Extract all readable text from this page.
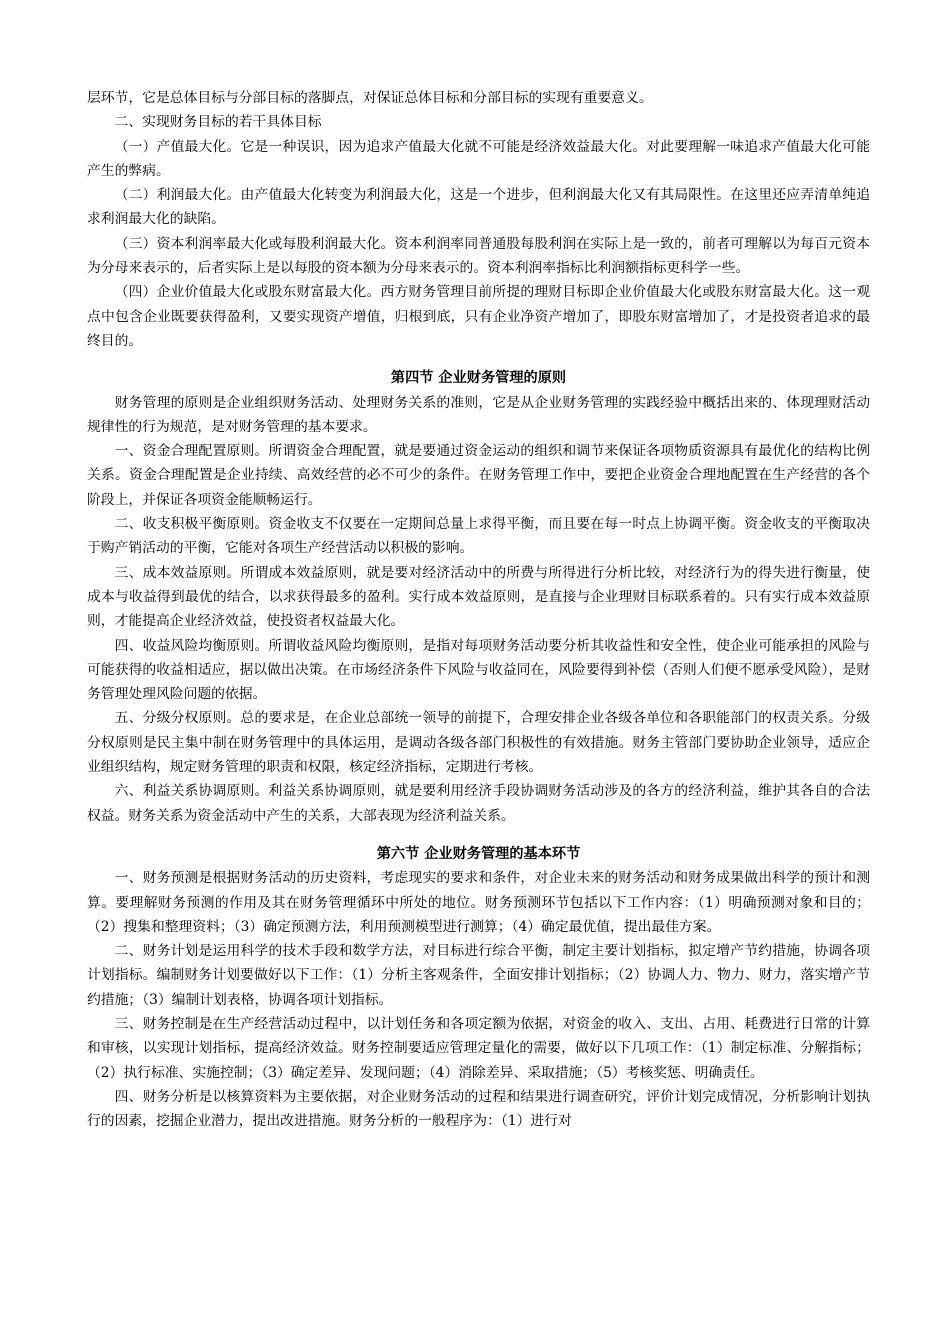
层环节，它是总体目标与分部目标的落脚点，对保证总体目标和分部目标的实现有重要意义。

二、实现财务目标的若干具体目标

（一）产值最大化。它是一种误识，因为追求产值最大化就不可能是经济效益最大化。对此要理解一味追求产值最大化可能产生的弊病。

（二）利润最大化。由产值最大化转变为利润最大化，这是一个进步，但利润最大化又有其局限性。在这里还应弄清单纯追求利润最大化的缺陷。

（三）资本利润率最大化或每股利润最大化。资本利润率同普通股每股利润在实际上是一致的，前者可理解以为每百元资本为分母来表示的，后者实际上是以每股的资本额为分母来表示的。资本利润率指标比利润额指标更科学一些。

（四）企业价值最大化或股东财富最大化。西方财务管理目前所提的理财目标即企业价值最大化或股东财富最大化。这一观点中包含企业既要获得盈利，又要实现资产增值，归根到底，只有企业净资产增加了，即股东财富增加了，才是投资者追求的最终目的。

第四节 企业财务管理的原则

财务管理的原则是企业组织财务活动、处理财务关系的准则，它是从企业财务管理的实践经验中概括出来的、体现理财活动规律性的行为规范，是对财务管理的基本要求。

一、资金合理配置原则。所谓资金合理配置，就是要通过资金运动的组织和调节来保证各项物质资源具有最优化的结构比例关系。资金合理配置是企业持续、高效经营的必不可少的条件。在财务管理工作中，要把企业资金合理地配置在生产经营的各个阶段上，并保证各项资金能顺畅运行。

二、收支积极平衡原则。资金收支不仅要在一定期间总量上求得平衡，而且要在每一时点上协调平衡。资金收支的平衡取决于购产销活动的平衡，它能对各项生产经营活动以积极的影响。

三、成本效益原则。所谓成本效益原则，就是要对经济活动中的所费与所得进行分析比较，对经济行为的得失进行衡量，使成本与收益得到最优的结合，以求获得最多的盈利。实行成本效益原则，是直接与企业理财目标联系着的。只有实行成本效益原则，才能提高企业经济效益，使投资者权益最大化。

四、收益风险均衡原则。所谓收益风险均衡原则，是指对每项财务活动要分析其收益性和安全性，使企业可能承担的风险与可能获得的收益相适应，据以做出决策。在市场经济条件下风险与收益同在，风险要得到补偿（否则人们便不愿承受风险），是财务管理处理风险问题的依据。

五、分级分权原则。总的要求是，在企业总部统一领导的前提下，合理安排企业各级各单位和各职能部门的权责关系。分级分权原则是民主集中制在财务管理中的具体运用，是调动各级各部门积极性的有效措施。财务主管部门要协助企业领导，适应企业组织结构，规定财务管理的职责和权限，核定经济指标，定期进行考核。

六、利益关系协调原则。利益关系协调原则，就是要利用经济手段协调财务活动涉及的各方的经济利益，维护其各自的合法权益。财务关系为资金活动中产生的关系，大部表现为经济利益关系。

第六节 企业财务管理的基本环节

一、财务预测是根据财务活动的历史资料，考虑现实的要求和条件，对企业未来的财务活动和财务成果做出科学的预计和测算。要理解财务预测的作用及其在财务管理循环中所处的地位。财务预测环节包括以下工作内容：（1）明确预测对象和目的；（2）搜集和整理资料；（3）确定预测方法，利用预测模型进行测算；（4）确定最优值，提出最佳方案。

二、财务计划是运用科学的技术手段和数学方法，对目标进行综合平衡，制定主要计划指标，拟定增产节约措施，协调各项计划指标。编制财务计划要做好以下工作：（1）分析主客观条件，全面安排计划指标；（2）协调人力、物力、财力，落实增产节约措施；（3）编制计划表格，协调各项计划指标。

三、财务控制是在生产经营活动过程中，以计划任务和各项定额为依据，对资金的收入、支出、占用、耗费进行日常的计算和审核，以实现计划指标，提高经济效益。财务控制要适应管理定量化的需要，做好以下几项工作：（1）制定标准、分解指标；（2）执行标准、实施控制；（3）确定差异、发现问题；（4）消除差异、采取措施；（5）考核奖惩、明确责任。

四、财务分析是以核算资料为主要依据，对企业财务活动的过程和结果进行调查研究，评价计划完成情况，分析影响计划执行的因素，挖掘企业潜力，提出改进措施。财务分析的一般程序为：（1）进行对
